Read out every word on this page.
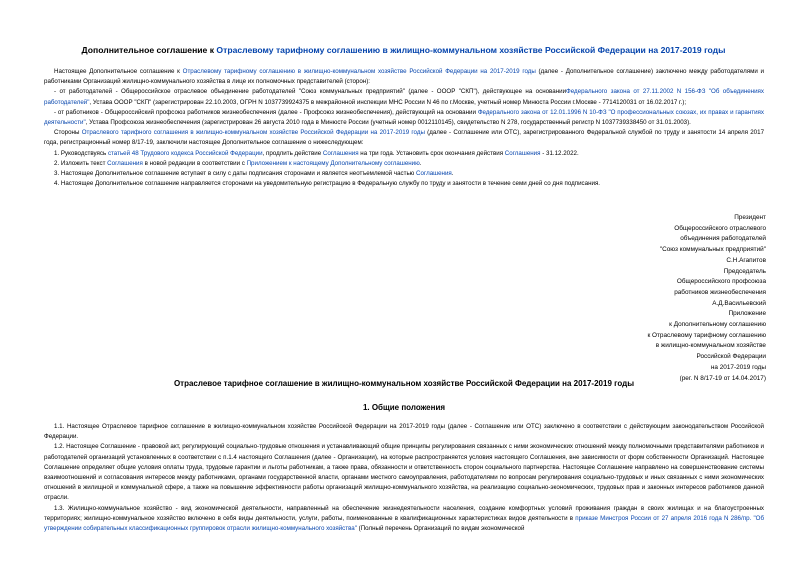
Дополнительное соглашение к Отраслевому тарифному соглашению в жилищно-коммунальном хозяйстве Российской Федерации на 2017-2019 годы

Настоящее Дополнительное соглашение к Отраслевому тарифному соглашению в жилищно-коммунальном хозяйстве Российской Федерации на 2017-2019 годы (далее - Дополнительное соглашение) заключено между работодателями и работниками Организаций жилищно-коммунального хозяйства в лице их полномочных представителей (сторон):

- от работодателей - Общероссийское отраслевое объединение работодателей "Союз коммунальных предприятий" (далее - ОООР "СКП"), действующее на основанииФедерального закона от 27.11.2002 N 156-ФЗ "Об объединениях работодателей", Устава ОООР "СКП" (зарегистрирован 22.10.2003, ОГРН N 1037739924375 в межрайонной инспекции МНС России N 46 по г.Москве, учетный номер Минюста России г.Москве - 7714120031 от 16.02.2017 г.);

- от работников - Общероссийский профсоюз работников жизнеобеспечения (далее - Профсоюз жизнеобеспечения), действующий на основании Федерального закона от 12.01.1996 N 10-ФЗ "О профессиональных союзах, их правах и гарантиях деятельности", Устава Профсоюза жизнеобеспечения (зарегистрирован 26 августа 2010 года в Минюсте России (учетный номер 0012110145), свидетельство N 278, государственный регистр N 1037739338450 от 31.01.2003).

Стороны Отраслевого тарифного соглашения в жилищно-коммунальном хозяйстве Российской Федерации на 2017-2019 годы (далее - Соглашение или ОТС), зарегистрированного Федеральной службой по труду и занятости 14 апреля 2017 года, регистрационный номер 8/17-19, заключили настоящее Дополнительное соглашение о нижеследующем:

1. Руководствуясь статьей 48 Трудового кодекса Российской Федерации, продлить действие Соглашения на три года. Установить срок окончания действия Соглашения - 31.12.2022.

2. Изложить текст Соглашения в новой редакции в соответствии с Приложением к настоящему Дополнительному соглашению.

3. Настоящее Дополнительное соглашение вступает в силу с даты подписания сторонами и является неотъемлемой частью Соглашения.

4. Настоящее Дополнительное соглашение направляется сторонами на уведомительную регистрацию в Федеральную службу по труду и занятости в течение семи дней со дня подписания.

Президент
Общероссийского отраслевого
объединения работодателей
"Союз коммунальных предприятий"
С.Н.Агапитов
Председатель
Общероссийского профсоюза
работников жизнеобеспечения
А.Д.Васильевский
Приложение
к Дополнительному соглашению
к Отраслевому тарифному соглашению
в жилищно-коммунальном хозяйстве
Российской Федерации
на 2017-2019 годы
(рег. N 8/17-19 от 14.04.2017)
Отраслевое тарифное соглашение в жилищно-коммунальном хозяйстве Российской Федерации на 2017-2019 годы
1. Общие положения

1.1. Настоящее Отраслевое тарифное соглашение в жилищно-коммунальном хозяйстве Российской Федерации на 2017-2019 годы (далее - Соглашение или ОТС) заключено в соответствии с действующим законодательством Российской Федерации.

1.2. Настоящее Соглашение - правовой акт, регулирующий социально-трудовые отношения и устанавливающий общие принципы регулирования связанных с ними экономических отношений между полномочными представителями работников и работодателей организаций установленных в соответствии с п.1.4 настоящего Соглашения (далее - Организации), на которые распространяется условия настоящего Соглашения, вне зависимости от форм собственности Организаций. Настоящее Соглашение определяет общие условия оплаты труда, трудовые гарантии и льготы работникам, а также права, обязанности и ответственность сторон социального партнерства. Настоящее Соглашение направлено на совершенствование системы взаимоотношений и согласования интересов между работниками, органами государственной власти, органами местного самоуправления, работодателями по вопросам регулирования социально-трудовых и иных связанных с ними экономических отношений в жилищной и коммунальной сфере, а также на повышение эффективности работы организаций жилищно-коммунального хозяйства, на реализацию социально-экономических, трудовых прав и законных интересов работников данной отрасли.

1.3. Жилищно-коммунальное хозяйство - вид экономической деятельности, направленный на обеспечение жизнедеятельности населения, создание комфортных условий проживания граждан в своих жилищах и на благоустроенных территориях; жилищно-коммунальное хозяйство включено в себя виды деятельности, услуги, работы, поименованные в квалификационных характеристиках видов деятельности в приказе Минстроя России от 27 апреля 2016 года N 286/пр. "Об утверждении собирательных классификационных группировок отрасли жилищно-коммунального хозяйства" (Полный перечень Организаций по видам экономической
